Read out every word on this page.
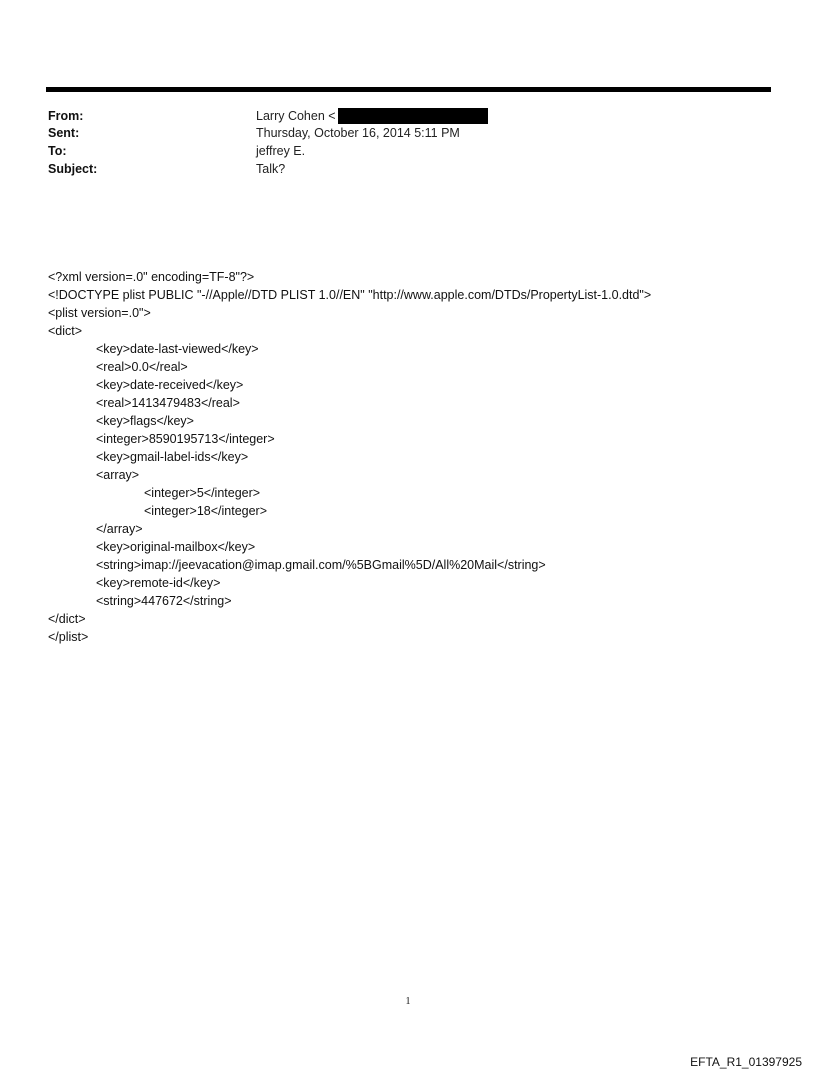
From:	Larry Cohen <
Sent:	Thursday, October 16, 2014 5:11 PM
To:	jeffrey E.
Subject:	Talk?
<?xml version=.0" encoding=TF-8"?>
<!DOCTYPE plist PUBLIC "-//Apple//DTD PLIST 1.0//EN" "http://www.apple.com/DTDs/PropertyList-1.0.dtd">
<plist version=.0">
<dict>
<key>date-last-viewed</key>
<real>0.0</real>
<key>date-received</key>
<real>1413479483</real>
<key>flags</key>
<integer>8590195713</integer>
<key>gmail-label-ids</key>
<array>
<integer>5</integer>
<integer>18</integer>
</array>
<key>original-mailbox</key>
<string>imap://jeevacation@imap.gmail.com/%5BGmail%5D/All%20Mail</string>
<key>remote-id</key>
<string>447672</string>
</dict>
</plist>
1
EFTA_R1_01397925
